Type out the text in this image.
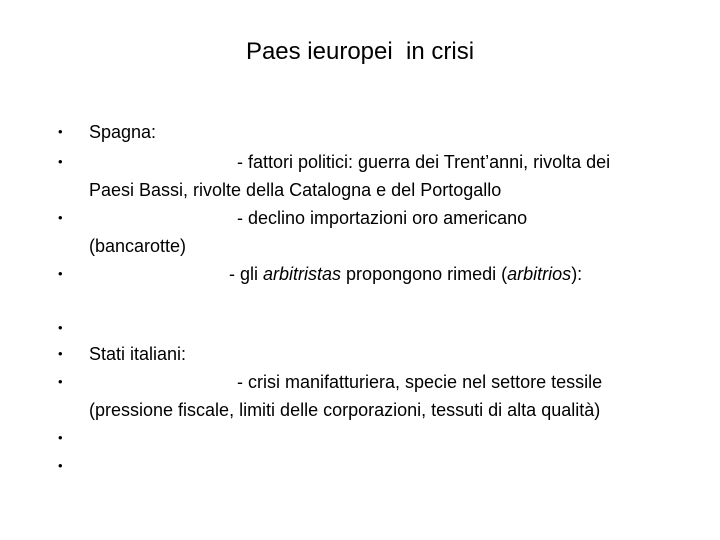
Paes ieuropei  in crisi
•	Spagna:
•	- fattori politici: guerra dei Trent’anni, rivolta dei
Paesi Bassi, rivolte della Catalogna e del Portogallo
•	- declino importazioni oro americano
(bancarotte)
•	- gli arbitristas propongono rimedi (arbitrios):
•
•	Stati italiani:
•	- crisi manifatturiera, specie nel settore tessile
(pressione fiscale, limiti delle corporazioni, tessuti di alta qualità)
•
•
